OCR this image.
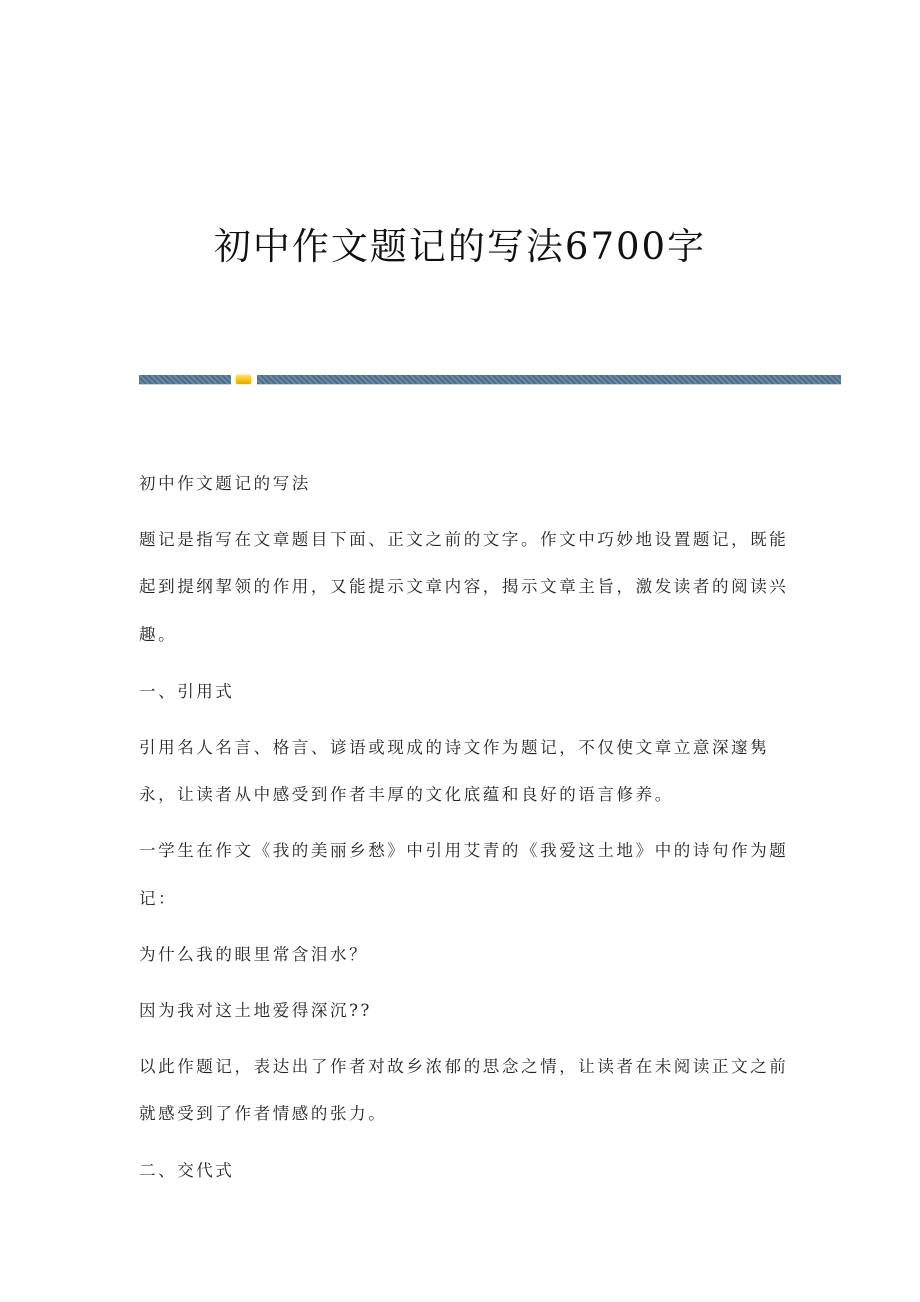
初中作文题记的写法6700字
初中作文题记的写法
题记是指写在文章题目下面、正文之前的文字。作文中巧妙地设置题记，既能
起到提纲挈领的作用，又能提示文章内容，揭示文章主旨，激发读者的阅读兴
趣。
一、引用式
引用名人名言、格言、谚语或现成的诗文作为题记，不仅使文章立意深邃隽
永，让读者从中感受到作者丰厚的文化底蕴和良好的语言修养。
一学生在作文《我的美丽乡愁》中引用艾青的《我爱这土地》中的诗句作为题
记：
为什么我的眼里常含泪水？
因为我对这土地爱得深沉??
以此作题记，表达出了作者对故乡浓郁的思念之情，让读者在未阅读正文之前
就感受到了作者情感的张力。
二、交代式
